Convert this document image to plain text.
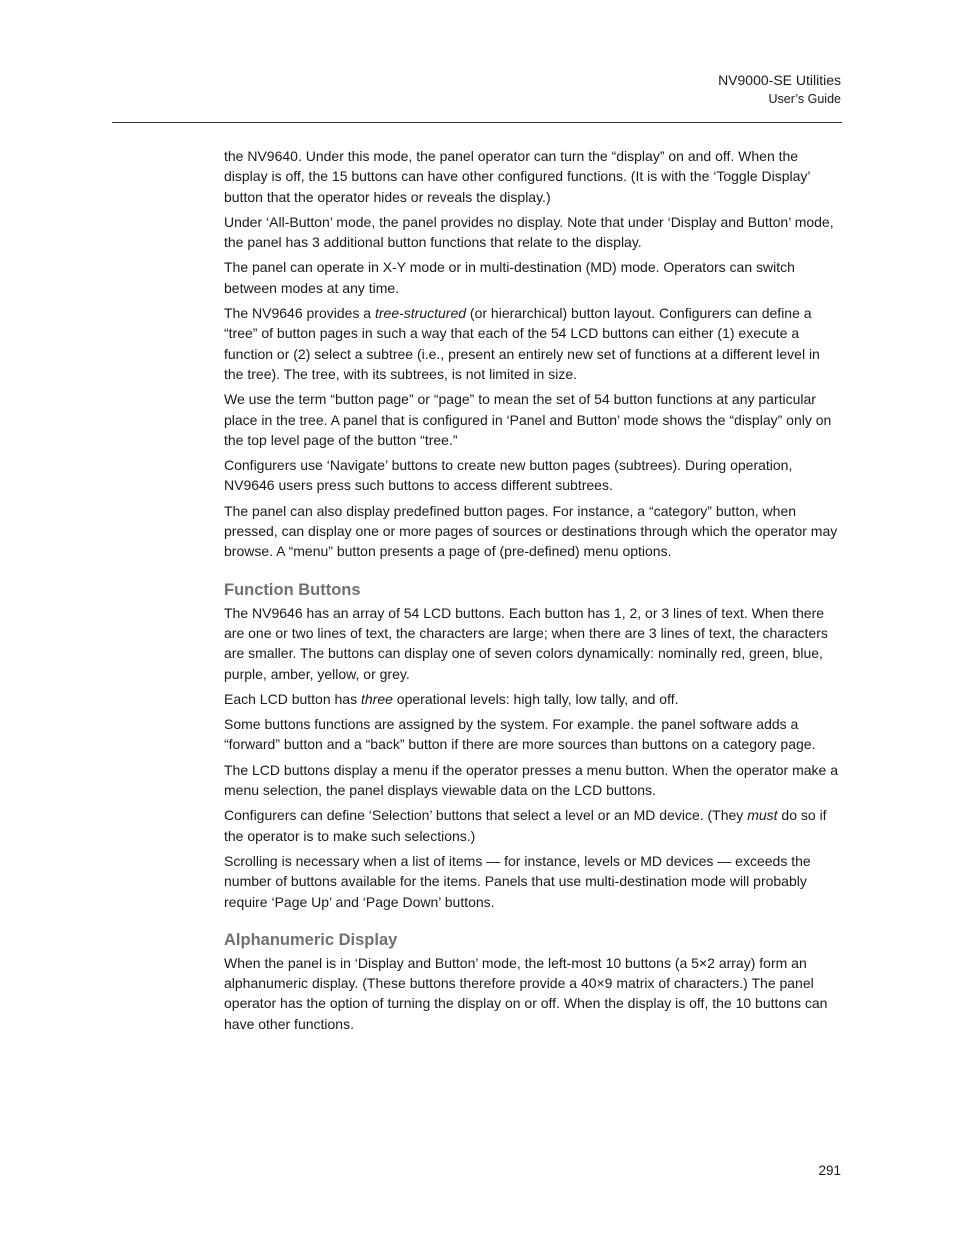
NV9000-SE Utilities
User’s Guide

the NV9640. Under this mode, the panel operator can turn the “display” on and off. When the display is off, the 15 buttons can have other configured functions. (It is with the ‘Toggle Display’ button that the operator hides or reveals the display.)

Under ‘All-Button’ mode, the panel provides no display. Note that under ‘Display and Button’ mode, the panel has 3 additional button functions that relate to the display.

The panel can operate in X-Y mode or in multi-destination (MD) mode. Operators can switch between modes at any time.

The NV9646 provides a tree-structured (or hierarchical) button layout. Configurers can define a “tree” of button pages in such a way that each of the 54 LCD buttons can either (1) execute a function or (2) select a subtree (i.e., present an entirely new set of functions at a different level in the tree). The tree, with its subtrees, is not limited in size.

We use the term “button page” or “page” to mean the set of 54 button functions at any particular place in the tree. A panel that is configured in ‘Panel and Button’ mode shows the “display” only on the top level page of the button “tree.”

Configurers use ‘Navigate’ buttons to create new button pages (subtrees). During operation, NV9646 users press such buttons to access different subtrees.

The panel can also display predefined button pages. For instance, a “category” button, when pressed, can display one or more pages of sources or destinations through which the operator may browse. A “menu” button presents a page of (pre-defined) menu options.

Function Buttons

The NV9646 has an array of 54 LCD buttons. Each button has 1, 2, or 3 lines of text. When there are one or two lines of text, the characters are large; when there are 3 lines of text, the characters are smaller. The buttons can display one of seven colors dynamically: nominally red, green, blue, purple, amber, yellow, or grey.

Each LCD button has three operational levels: high tally, low tally, and off.

Some buttons functions are assigned by the system. For example. the panel software adds a “forward” button and a “back” button if there are more sources than buttons on a category page.

The LCD buttons display a menu if the operator presses a menu button. When the operator make a menu selection, the panel displays viewable data on the LCD buttons.

Configurers can define ‘Selection’ buttons that select a level or an MD device. (They must do so if the operator is to make such selections.)

Scrolling is necessary when a list of items — for instance, levels or MD devices — exceeds the number of buttons available for the items. Panels that use multi-destination mode will probably require ‘Page Up’ and ‘Page Down’ buttons.

Alphanumeric Display

When the panel is in ‘Display and Button’ mode, the left-most 10 buttons (a 5×2 array) form an alphanumeric display. (These buttons therefore provide a 40×9 matrix of characters.) The panel operator has the option of turning the display on or off. When the display is off, the 10 buttons can have other functions.

291
